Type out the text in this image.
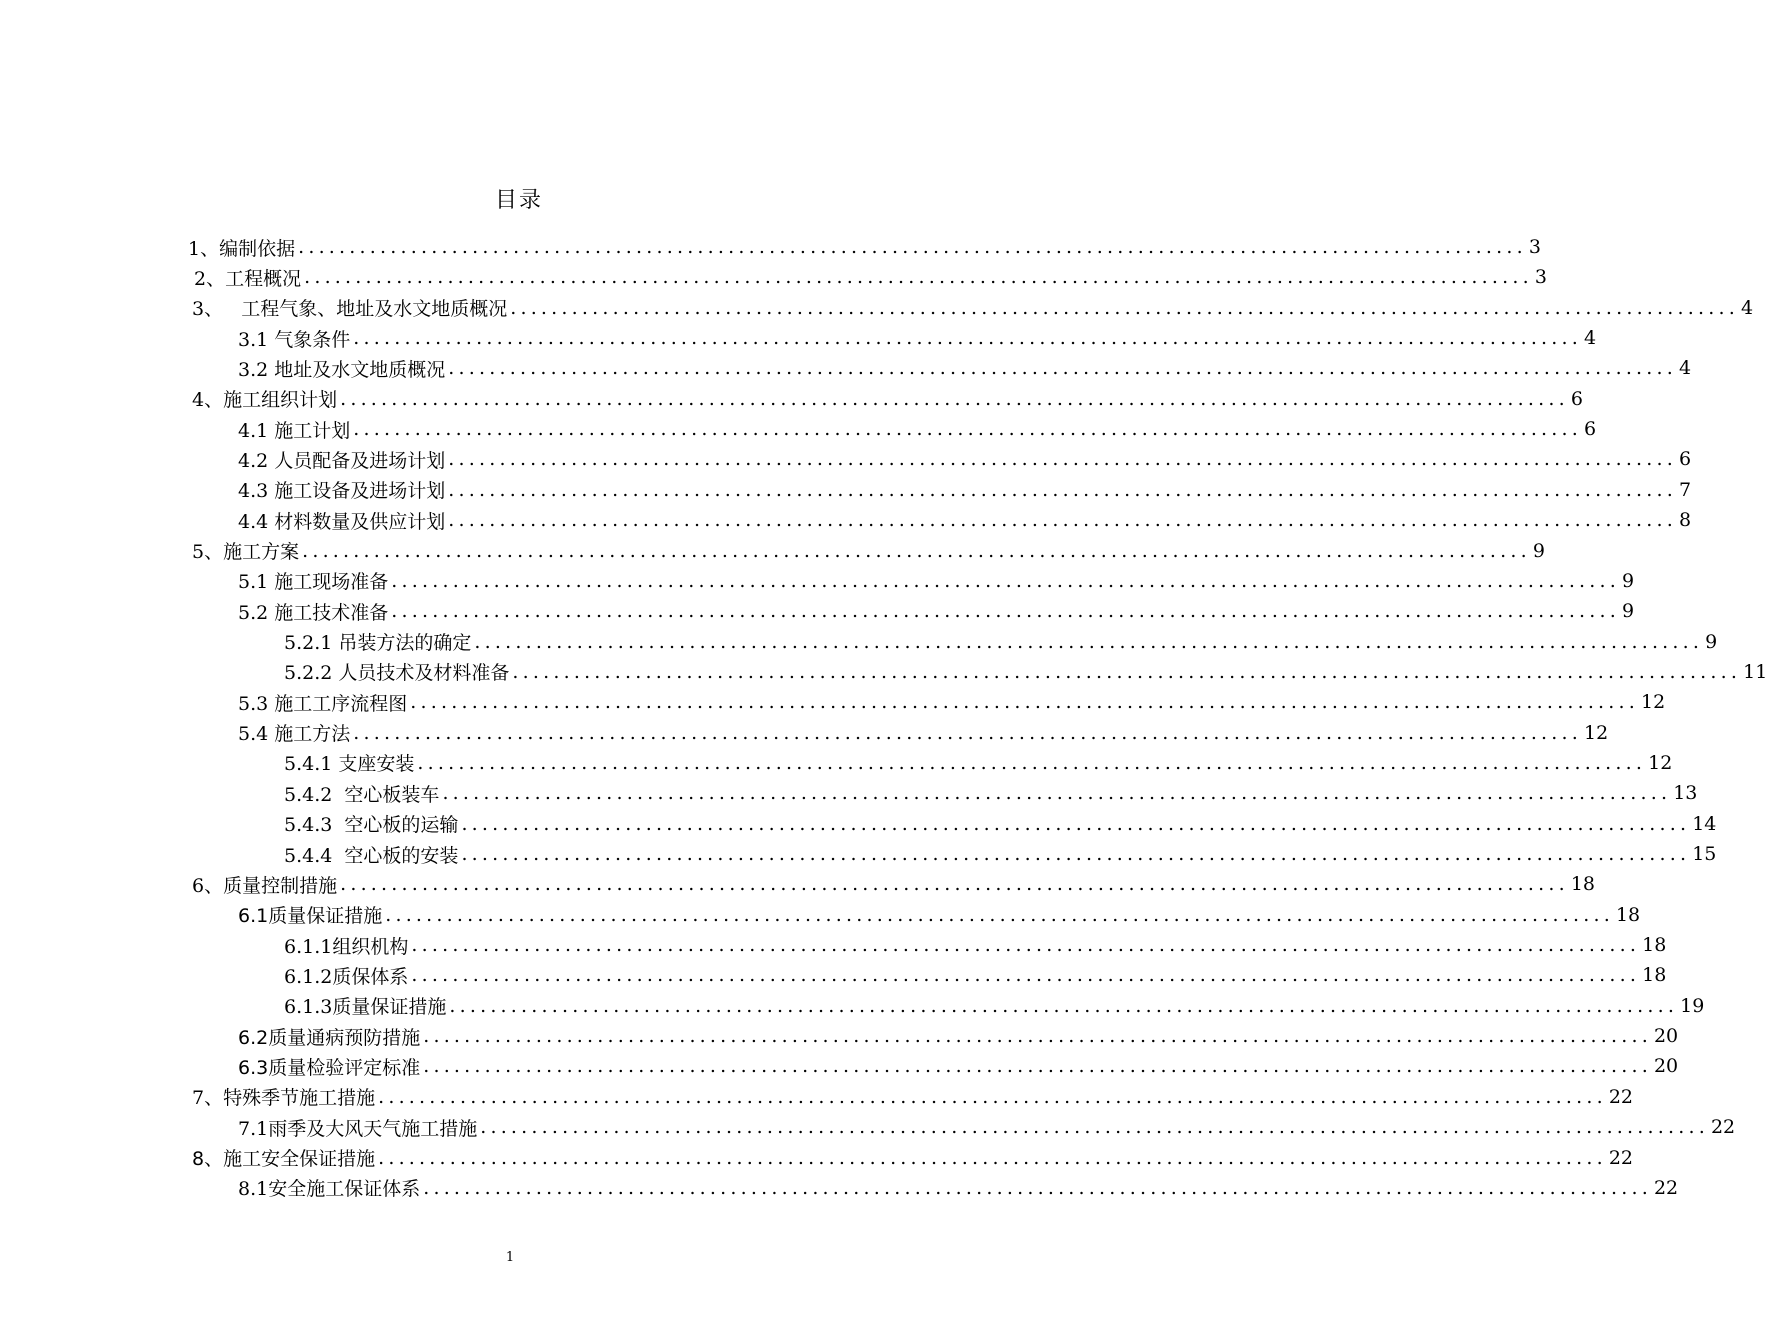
目录
1、编制依据 ........................................................................................................................ 3
2、工程概况 ........................................................................................................................ 3
3、   工程气象、地址及水文地质概况 ........................................................................................................................ 4
3.1 气象条件 ........................................................................................................................ 4
3.2 地址及水文地质概况 ........................................................................................................................ 4
4、施工组织计划 ........................................................................................................................ 6
4.1 施工计划 ........................................................................................................................ 6
4.2 人员配备及进场计划 ........................................................................................................................ 6
4.3 施工设备及进场计划 ........................................................................................................................ 7
4.4 材料数量及供应计划 ........................................................................................................................ 8
5、施工方案 ........................................................................................................................ 9
5.1 施工现场准备 ........................................................................................................................ 9
5.2 施工技术准备 ........................................................................................................................ 9
5.2.1 吊装方法的确定 ........................................................................................................................ 9
5.2.2 人员技术及材料准备 ........................................................................................................................ 11
5.3 施工工序流程图 ........................................................................................................................ 12
5.4 施工方法 ........................................................................................................................ 12
5.4.1 支座安装 ........................................................................................................................ 12
5.4.2  空心板装车 ........................................................................................................................ 13
5.4.3  空心板的运输 ........................................................................................................................ 14
5.4.4  空心板的安装 ........................................................................................................................ 15
6、质量控制措施 ........................................................................................................................ 18
6.1质量保证措施 ........................................................................................................................ 18
6.1.1组织机构 ........................................................................................................................ 18
6.1.2质保体系 ........................................................................................................................ 18
6.1.3质量保证措施 ........................................................................................................................ 19
6.2质量通病预防措施 ........................................................................................................................ 20
6.3质量检验评定标准 ........................................................................................................................ 20
7、特殊季节施工措施 ........................................................................................................................ 22
7.1雨季及大风天气施工措施 ........................................................................................................................ 22
8、施工安全保证措施 ........................................................................................................................ 22
8.1安全施工保证体系 ........................................................................................................................ 22
1
